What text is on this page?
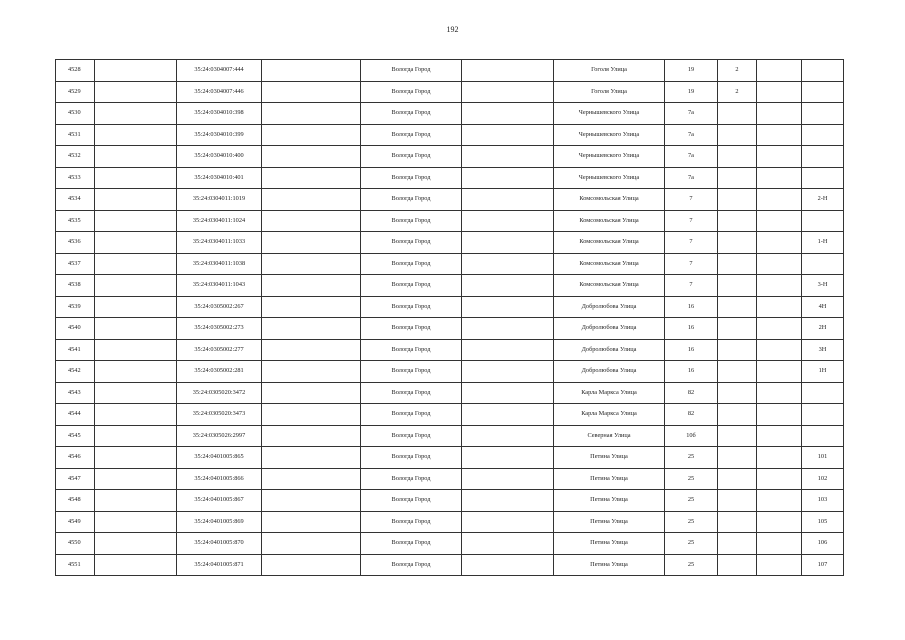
192
4528		35:24:0304007:444		Вологда Город		Гоголя Улица	19	2		
4529		35:24:0304007:446		Вологда Город		Гоголя Улица	19	2		
4530		35:24:0304010:398		Вологда Город		Чернышевского Улица	7а			
4531		35:24:0304010:399		Вологда Город		Чернышевского Улица	7а			
4532		35:24:0304010:400		Вологда Город		Чернышевского Улица	7а			
4533		35:24:0304010:401		Вологда Город		Чернышевского Улица	7а			
4534		35:24:0304011:1019		Вологда Город		Комсомольская Улица	7			2-Н
4535		35:24:0304011:1024		Вологда Город		Комсомольская Улица	7			
4536		35:24:0304011:1033		Вологда Город		Комсомольская Улица	7			1-Н
4537		35:24:0304011:1038		Вологда Город		Комсомольская Улица	7			
4538		35:24:0304011:1043		Вологда Город		Комсомольская Улица	7			3-Н
4539		35:24:0305002:267		Вологда Город		Добролюбова Улица	16			4Н
4540		35:24:0305002:273		Вологда Город		Добролюбова Улица	16			2Н
4541		35:24:0305002:277		Вологда Город		Добролюбова Улица	16			3Н
4542		35:24:0305002:281		Вологда Город		Добролюбова Улица	16			1Н
4543		35:24:0305020:3472		Вологда Город		Карла Маркса Улица	82			
4544		35:24:0305020:3473		Вологда Город		Карла Маркса Улица	82			
4545		35:24:0305026:2997		Вологда Город		Северная Улица	10б			
4546		35:24:0401005:865		Вологда Город		Петина Улица	25			101
4547		35:24:0401005:866		Вологда Город		Петина Улица	25			102
4548		35:24:0401005:867		Вологда Город		Петина Улица	25			103
4549		35:24:0401005:869		Вологда Город		Петина Улица	25			105
4550		35:24:0401005:870		Вологда Город		Петина Улица	25			106
4551		35:24:0401005:871		Вологда Город		Петина Улица	25			107
